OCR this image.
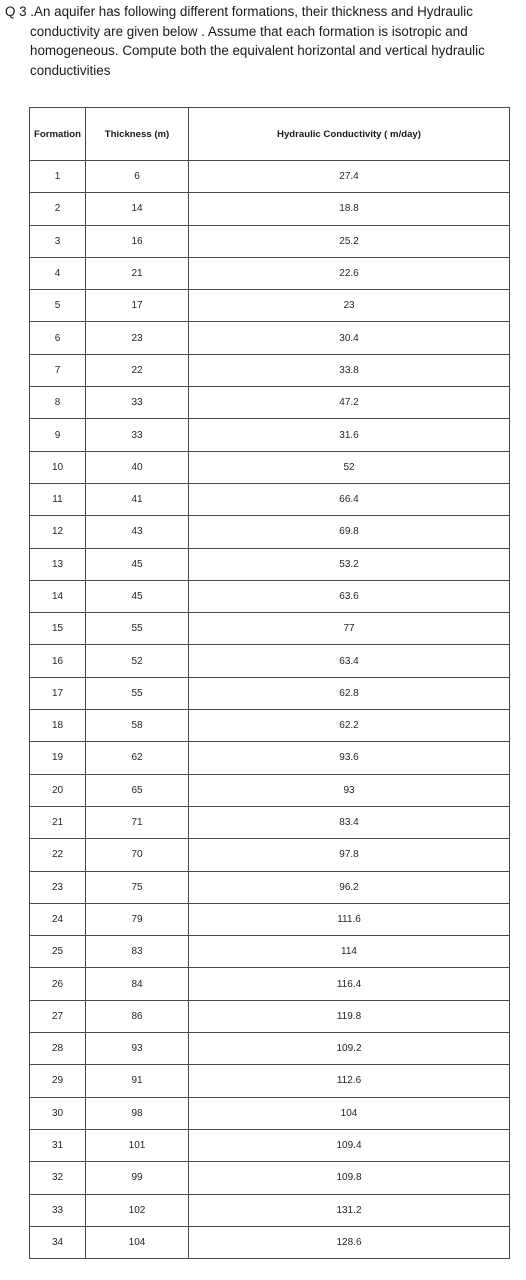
Q 3 .An aquifer has following different formations, their thickness and Hydraulic
conductivity are given below . Assume that each formation is isotropic and
homogeneous. Compute both the equivalent horizontal and vertical hydraulic
conductivities
Formation	Thickness (m)	Hydraulic Conductivity ( m/day)
1	6	27.4
2	14	18.8
3	16	25.2
4	21	22.6
5	17	23
6	23	30.4
7	22	33.8
8	33	47.2
9	33	31.6
10	40	52
11	41	66.4
12	43	69.8
13	45	53.2
14	45	63.6
15	55	77
16	52	63.4
17	55	62.8
18	58	62.2
19	62	93.6
20	65	93
21	71	83.4
22	70	97.8
23	75	96.2
24	79	111.6
25	83	114
26	84	116.4
27	86	119.8
28	93	109.2
29	91	112.6
30	98	104
31	101	109.4
32	99	109.8
33	102	131.2
34	104	128.6
